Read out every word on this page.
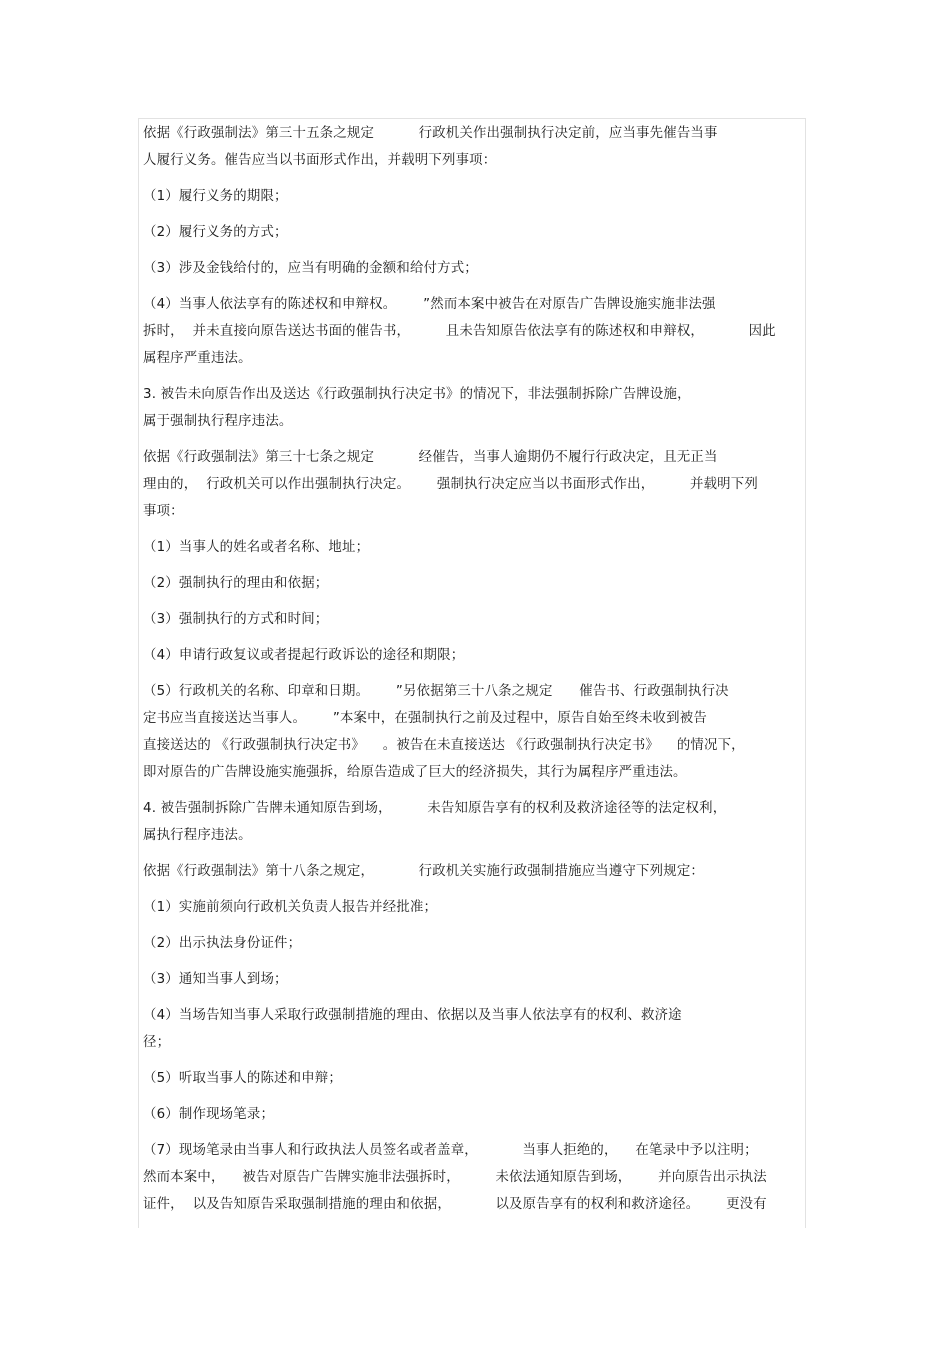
依据《行政强制法》第三十五条之规定          行政机关作出强制执行决定前，应当事先催告当事
人履行义务。催告应当以书面形式作出，并载明下列事项：
（1）履行义务的期限；
（2）履行义务的方式；
（3）涉及金钱给付的，应当有明确的金额和给付方式；
（4）当事人依法享有的陈述权和申辩权。      ”然而本案中被告在对原告广告牌设施实施非法强
拆时，  并未直接向原告送达书面的催告书，        且未告知原告依法享有的陈述权和申辩权，          因此
属程序严重违法。
3. 被告未向原告作出及送达《行政强制执行决定书》的情况下，非法强制拆除广告牌设施，
属于强制执行程序违法。
依据《行政强制法》第三十七条之规定          经催告，当事人逾期仍不履行行政决定，且无正当
理由的，  行政机关可以作出强制执行决定。      强制执行决定应当以书面形式作出，        并载明下列
事项：
（1）当事人的姓名或者名称、地址；
（2）强制执行的理由和依据；
（3）强制执行的方式和时间；
（4）申请行政复议或者提起行政诉讼的途径和期限；
（5）行政机关的名称、印章和日期。      ”另依据第三十八条之规定      催告书、行政强制执行决
定书应当直接送达当事人。      ”本案中，在强制执行之前及过程中，原告自始至终未收到被告
直接送达的 《行政强制执行决定书》    。被告在未直接送达 《行政强制执行决定书》    的情况下，
即对原告的广告牌设施实施强拆，给原告造成了巨大的经济损失，其行为属程序严重违法。
4. 被告强制拆除广告牌未通知原告到场，        未告知原告享有的权利及救济途径等的法定权利，
属执行程序违法。
依据《行政强制法》第十八条之规定，          行政机关实施行政强制措施应当遵守下列规定：
（1）实施前须向行政机关负责人报告并经批准；
（2）出示执法身份证件；
（3）通知当事人到场；
（4）当场告知当事人采取行政强制措施的理由、依据以及当事人依法享有的权利、救济途
径；
（5）听取当事人的陈述和申辩；
（6）制作现场笔录；
（7）现场笔录由当事人和行政执法人员签名或者盖章，          当事人拒绝的，    在笔录中予以注明；
然而本案中，    被告对原告广告牌实施非法强拆时，        未依法通知原告到场，      并向原告出示执法
证件，  以及告知原告采取强制措施的理由和依据，          以及原告享有的权利和救济途径。      更没有
